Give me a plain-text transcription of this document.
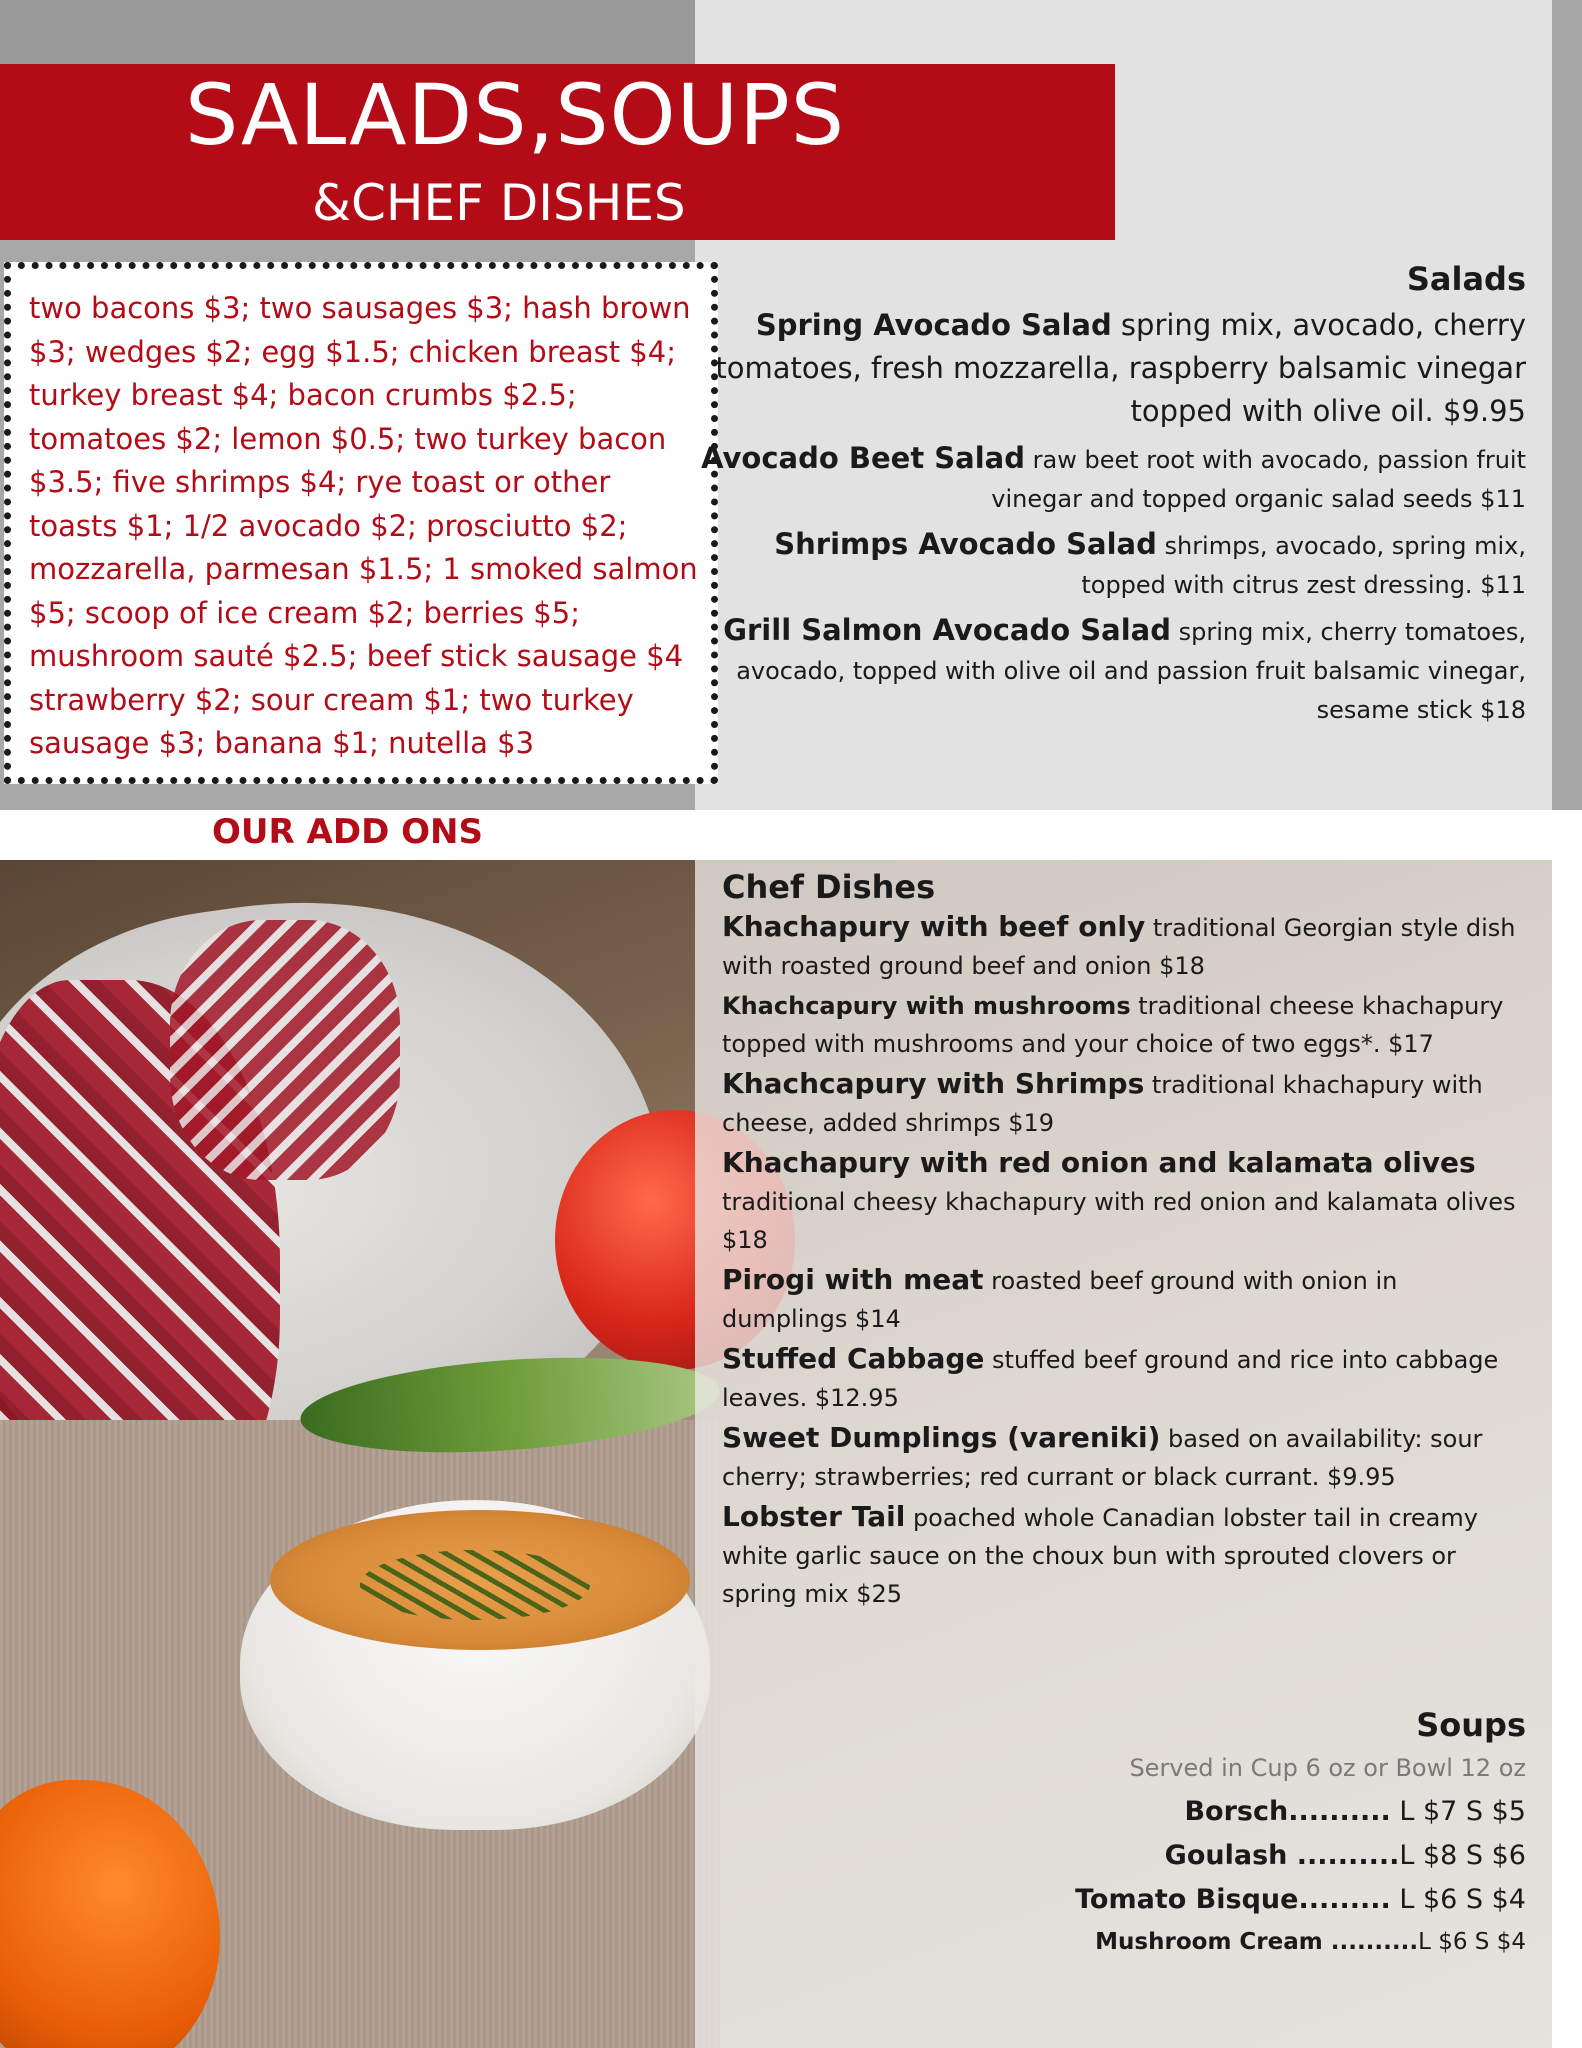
SALADS,SOUPS
&CHEF DISHES

two bacons $3; two sausages $3; hash brown $3; wedges $2; egg $1.5; chicken breast $4; turkey breast $4; bacon crumbs $2.5; tomatoes $2; lemon $0.5; two turkey bacon $3.5; five shrimps $4; rye toast or other toasts $1; 1/2 avocado $2; prosciutto $2; mozzarella, parmesan $1.5; 1 smoked salmon $5; scoop of ice cream $2; berries $5; mushroom sauté $2.5; beef stick sausage $4 strawberry $2; sour cream $1; two turkey sausage $3; banana $1; nutella $3

OUR ADD ONS
Salads

Spring Avocado Salad spring mix, avocado, cherry tomatoes, fresh mozzarella, raspberry balsamic vinegar topped with olive oil. $9.95

Avocado Beet Salad raw beet root with avocado, passion fruit vinegar and topped organic salad seeds $11

Shrimps Avocado Salad shrimps, avocado, spring mix, topped with citrus zest dressing. $11

Grill Salmon Avocado Salad spring mix, cherry tomatoes, avocado, topped with olive oil and passion fruit balsamic vinegar, sesame stick $18

Chef Dishes

Khachapury with beef only traditional Georgian style dish with roasted ground beef and onion $18

Khachcapury with mushrooms traditional cheese khachapury topped with mushrooms and your choice of two eggs*. $17

Khachcapury with Shrimps traditional khachapury with cheese, added shrimps $19

Khachapury with red onion and kalamata olives traditional cheesy khachapury with red onion and kalamata olives $18

Pirogi with meat roasted beef ground with onion in dumplings $14

Stuffed Cabbage stuffed beef ground and rice into cabbage leaves. $12.95

Sweet Dumplings (vareniki) based on availability: sour cherry; strawberries; red currant or black currant. $9.95

Lobster Tail poached whole Canadian lobster tail in creamy white garlic sauce on the choux bun with sprouted clovers or spring mix $25

Soups

Served in Cup 6 oz or Bowl 12 oz

Borsch.......... L $7 S $5

Goulash ..........L $8 S $6

Tomato Bisque......... L $6 S $4

Mushroom Cream ..........L $6 S $4
